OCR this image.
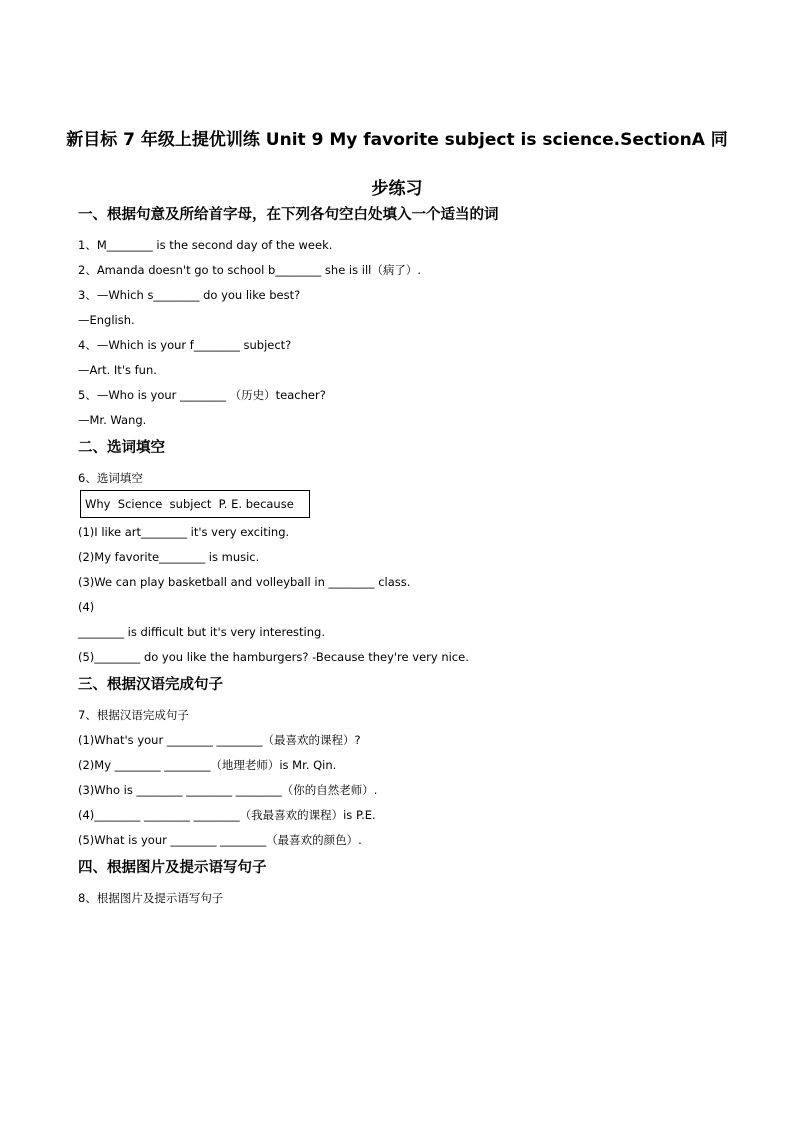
新目标 7 年级上提优训练 Unit 9 My favorite subject is science.SectionA 同步练习
一、根据句意及所给首字母，在下列各句空白处填入一个适当的词
1、M________ is the second day of the week.
2、Amanda doesn't go to school b________ she is ill（病了）.
3、—Which s________ do you like best?
—English.
4、—Which is your f________ subject?
—Art. It's fun.
5、—Who is your ________ （历史）teacher?
—Mr. Wang.
二、选词填空
6、选词填空
Why  Science  subject  P. E. because
(1)I like art________ it's very exciting.
(2)My favorite________ is music.
(3)We can play basketball and volleyball in ________ class.
(4)
________ is difficult but it's very interesting.
(5)________ do you like the hamburgers? -Because they're very nice.
三、根据汉语完成句子
7、根据汉语完成句子
(1)What's your ________ ________（最喜欢的课程）?
(2)My ________ ________（地理老师）is Mr. Qin.
(3)Who is ________ ________ ________（你的自然老师）.
(4)________ ________ ________（我最喜欢的课程）is P.E.
(5)What is your ________ ________（最喜欢的颜色）.
四、根据图片及提示语写句子
8、根据图片及提示语写句子
